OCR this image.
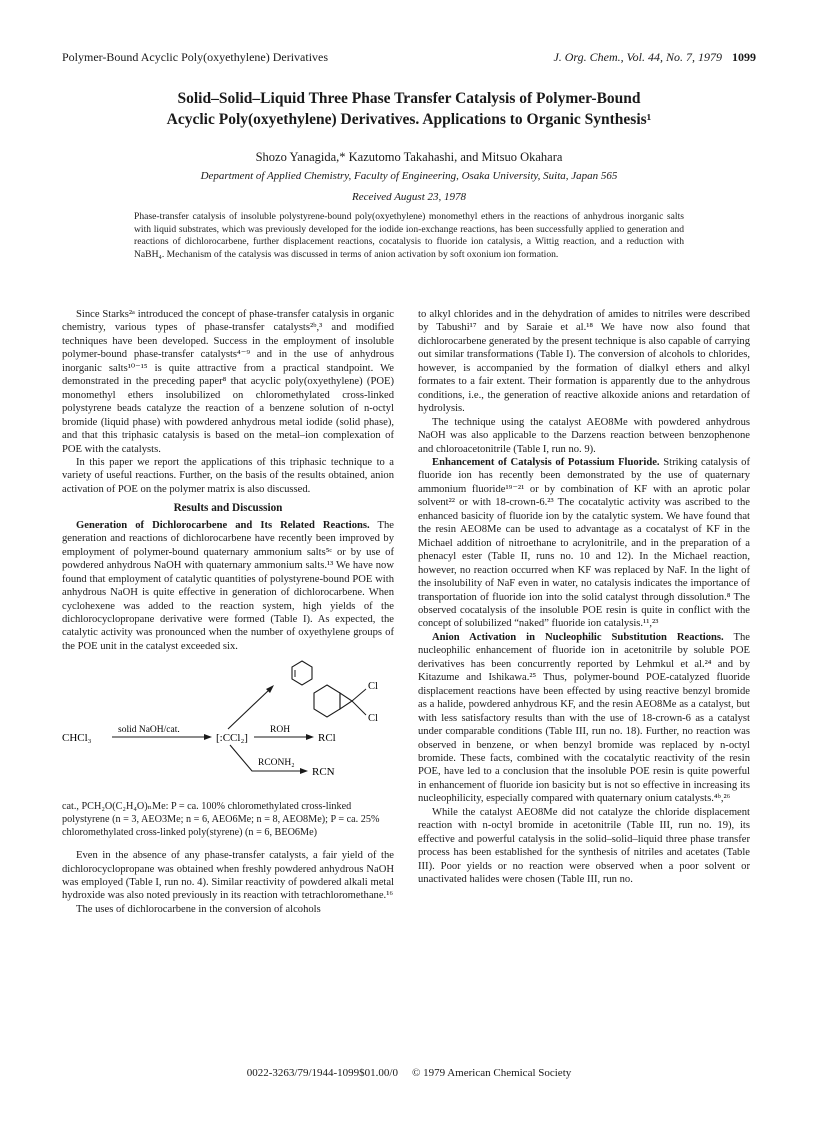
Polymer-Bound Acyclic Poly(oxyethylene) Derivatives	J. Org. Chem., Vol. 44, No. 7, 1979 1099
Solid–Solid–Liquid Three Phase Transfer Catalysis of Polymer-Bound
Acyclic Poly(oxyethylene) Derivatives. Applications to Organic Synthesis¹
Shozo Yanagida,* Kazutomo Takahashi, and Mitsuo Okahara
Department of Applied Chemistry, Faculty of Engineering, Osaka University, Suita, Japan 565
Received August 23, 1978
Phase-transfer catalysis of insoluble polystyrene-bound poly(oxyethylene) monomethyl ethers in the reactions of anhydrous inorganic salts with liquid substrates, which was previously developed for the iodide ion-exchange reactions, has been successfully applied to generation and reactions of dichlorocarbene, further displacement reactions, cocatalysis to fluoride ion catalysis, a Wittig reaction, and a reduction with NaBH₄. Mechanism of the catalysis was discussed in terms of anion activation by soft oxonium ion formation.

Since Starks²ᵃ introduced the concept of phase-transfer catalysis in organic chemistry, various types of phase-transfer catalysts²ᵇ,³ and modified techniques have been developed. Success in the employment of insoluble polymer-bound phase-transfer catalysts⁴⁻⁹ and in the use of anhydrous inorganic salts¹⁰⁻¹⁵ is quite attractive from a practical standpoint. We demonstrated in the preceding paper⁸ that acyclic poly(oxyethylene) (POE) monomethyl ethers insolubilized on chloromethylated cross-linked polystyrene beads catalyze the reaction of a benzene solution of n-octyl bromide (liquid phase) with powdered anhydrous metal iodide (solid phase), and that this triphasic catalysis is based on the metal–ion complexation of POE with the catalysts.

In this paper we report the applications of this triphasic technique to a variety of useful reactions. Further, on the basis of the results obtained, anion activation of POE on the polymer matrix is also discussed.

Results and Discussion

Generation of Dichlorocarbene and Its Related Reactions. The generation and reactions of dichlorocarbene have recently been improved by employment of polymer-bound quaternary ammonium salts⁵ᶜ or by use of powdered anhydrous NaOH with quaternary ammonium salts.¹³ We have now found that employment of catalytic quantities of polystyrene-bound POE with anhydrous NaOH is quite effective in generation of dichlorocarbene. When cyclohexene was added to the reaction system, high yields of the dichlorocyclopropane derivative were formed (Table I). As expected, the catalytic activity was pronounced when the number of oxyethylene groups of the POE unit in the catalyst exceeded six.

CHCl₃
solid NaOH/cat.
[:CCl₂]
ROH
RCl
RCONH₂
RCN
Cl
Cl

cat., PCH₂O(C₂H₄O)ₙMe: P = ca. 100% chloromethylated cross-linked polystyrene (n = 3, AEO3Me; n = 6, AEO6Me; n = 8, AEO8Me); P = ca. 25% chloromethylated cross-linked poly(styrene) (n = 6, BEO6Me)

Even in the absence of any phase-transfer catalysts, a fair yield of the dichlorocyclopropane was obtained when freshly powdered anhydrous NaOH was employed (Table I, run no. 4). Similar reactivity of powdered alkali metal hydroxide was also noted previously in its reaction with tetrachloromethane.¹⁶

The uses of dichlorocarbene in the conversion of alcohols

to alkyl chlorides and in the dehydration of amides to nitriles were described by Tabushi¹⁷ and by Saraie et al.¹⁸ We have now also found that dichlorocarbene generated by the present technique is also capable of carrying out similar transformations (Table I). The conversion of alcohols to chlorides, however, is accompanied by the formation of dialkyl ethers and alkyl formates to a fair extent. Their formation is apparently due to the anhydrous conditions, i.e., the generation of reactive alkoxide anions and retardation of hydrolysis.

The technique using the catalyst AEO8Me with powdered anhydrous NaOH was also applicable to the Darzens reaction between benzophenone and chloroacetonitrile (Table I, run no. 9).

Enhancement of Catalysis of Potassium Fluoride. Striking catalysis of fluoride ion has recently been demonstrated by the use of quaternary ammonium fluoride¹⁹⁻²¹ or by combination of KF with an aprotic polar solvent²² or with 18-crown-6.²³ The cocatalytic activity was ascribed to the enhanced basicity of fluoride ion by the catalytic system. We have found that the resin AEO8Me can be used to advantage as a cocatalyst of KF in the Michael addition of nitroethane to acrylonitrile, and in the preparation of a phenacyl ester (Table II, runs no. 10 and 12). In the Michael reaction, however, no reaction occurred when KF was replaced by NaF. In the light of the insolubility of NaF even in water, no catalysis indicates the importance of transportation of fluoride ion into the solid catalyst through dissolution.⁸ The observed cocatalysis of the insoluble POE resin is quite in conflict with the concept of solubilized “naked” fluoride ion catalysis.¹¹,²³

Anion Activation in Nucleophilic Substitution Reactions. The nucleophilic enhancement of fluoride ion in acetonitrile by soluble POE derivatives has been concurrently reported by Lehmkul et al.²⁴ and by Kitazume and Ishikawa.²⁵ Thus, polymer-bound POE-catalyzed fluoride displacement reactions have been effected by using reactive benzyl bromide as a halide, powdered anhydrous KF, and the resin AEO8Me as a catalyst, but with less satisfactory results than with the use of 18-crown-6 as a catalyst under comparable conditions (Table III, run no. 18). Further, no reaction was observed in benzene, or when benzyl bromide was replaced by n-octyl bromide. These facts, combined with the cocatalytic reactivity of the resin POE, have led to a conclusion that the insoluble POE resin is quite powerful in enhancement of fluoride ion basicity but is not so effective in increasing its nucleophilicity, especially compared with quaternary onium catalysts.⁴ᵇ,²⁶

While the catalyst AEO8Me did not catalyze the chloride displacement reaction with n-octyl bromide in acetonitrile (Table III, run no. 19), its effective and powerful catalysis in the solid–solid–liquid three phase transfer process has been established for the synthesis of nitriles and acetates (Table III). Poor yields or no reaction were observed when a poor solvent or unactivated halides were chosen (Table III, run no.

0022-3263/79/1944-1099$01.00/0 © 1979 American Chemical Society
